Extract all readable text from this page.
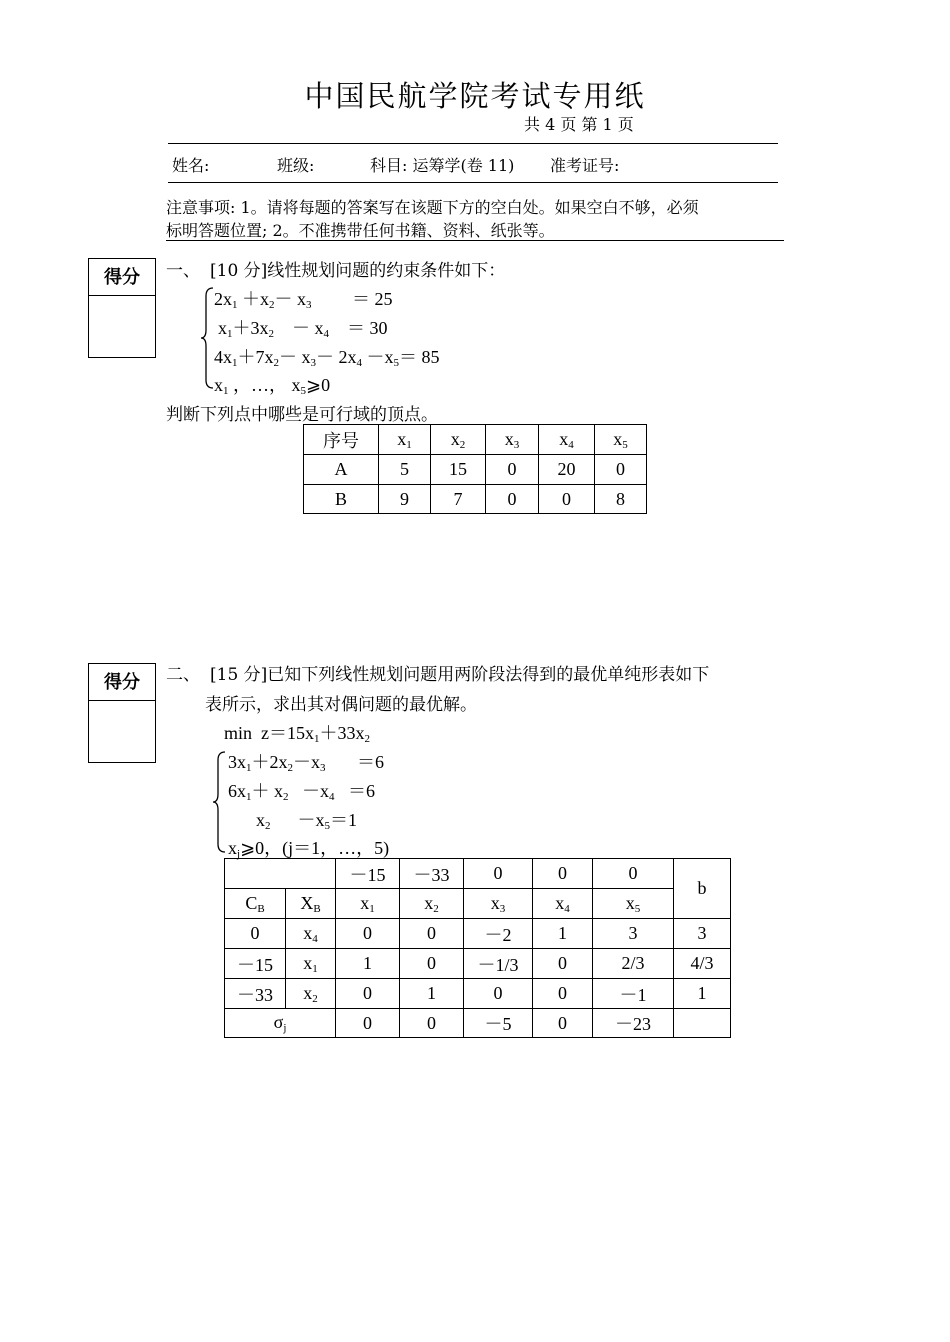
中国民航学院考试专用纸
共 4 页 第 1 页
姓名:	班级:	科目: 运筹学(卷 11) 准考证号:
注意事项: 1。请将每题的答案写在该题下方的空白处。如果空白不够，必须
标明答题位置; 2。不准携带任何书籍、资料、纸张等。
得分	一、 [10 分]线性规划问题的约束条件如下：
$2x_1 +x_2- x_3$         ＝ 25
$x_1+3x_2$    － $x_4$    ＝ 30
$4x_1+7x_2- x_3- 2x_4 -x_5= 85$
$x_1$ ，…， $x_5⩾0$
判断下列点中哪些是可行域的顶点。
序号	$x_1$	$x_2$	$x_3$	$x_4$	$x_5$
A	5	15	0	20	0
B	9	7	0	0	8
得分	二、 [15 分]已知下列线性规划问题用两阶段法得到的最优单纯形表如下
表所示，求出其对偶问题的最优解。
$\min z=15x_1+33x_2$
$3x_1+2x_2-x_3$       ＝6
$6x_1+ x_2 -x_4 =6$
$x_2$      $-x_5=1$
$x_j⩾0$，(j＝1，…，5)
		－15	－33	0	0	0	b
$C_B$	$X_B$	$x_1$	$x_2$	$x_3$	$x_4$	$x_5$
0	$x_4$	0	0	－2	1	3	3
－15	$x_1$	1	0	－1/3	0	2/3	4/3
－33	$x_2$	0	1	0	0	－1	1
$\sigma_j$		0	0	－5	0	－23	
